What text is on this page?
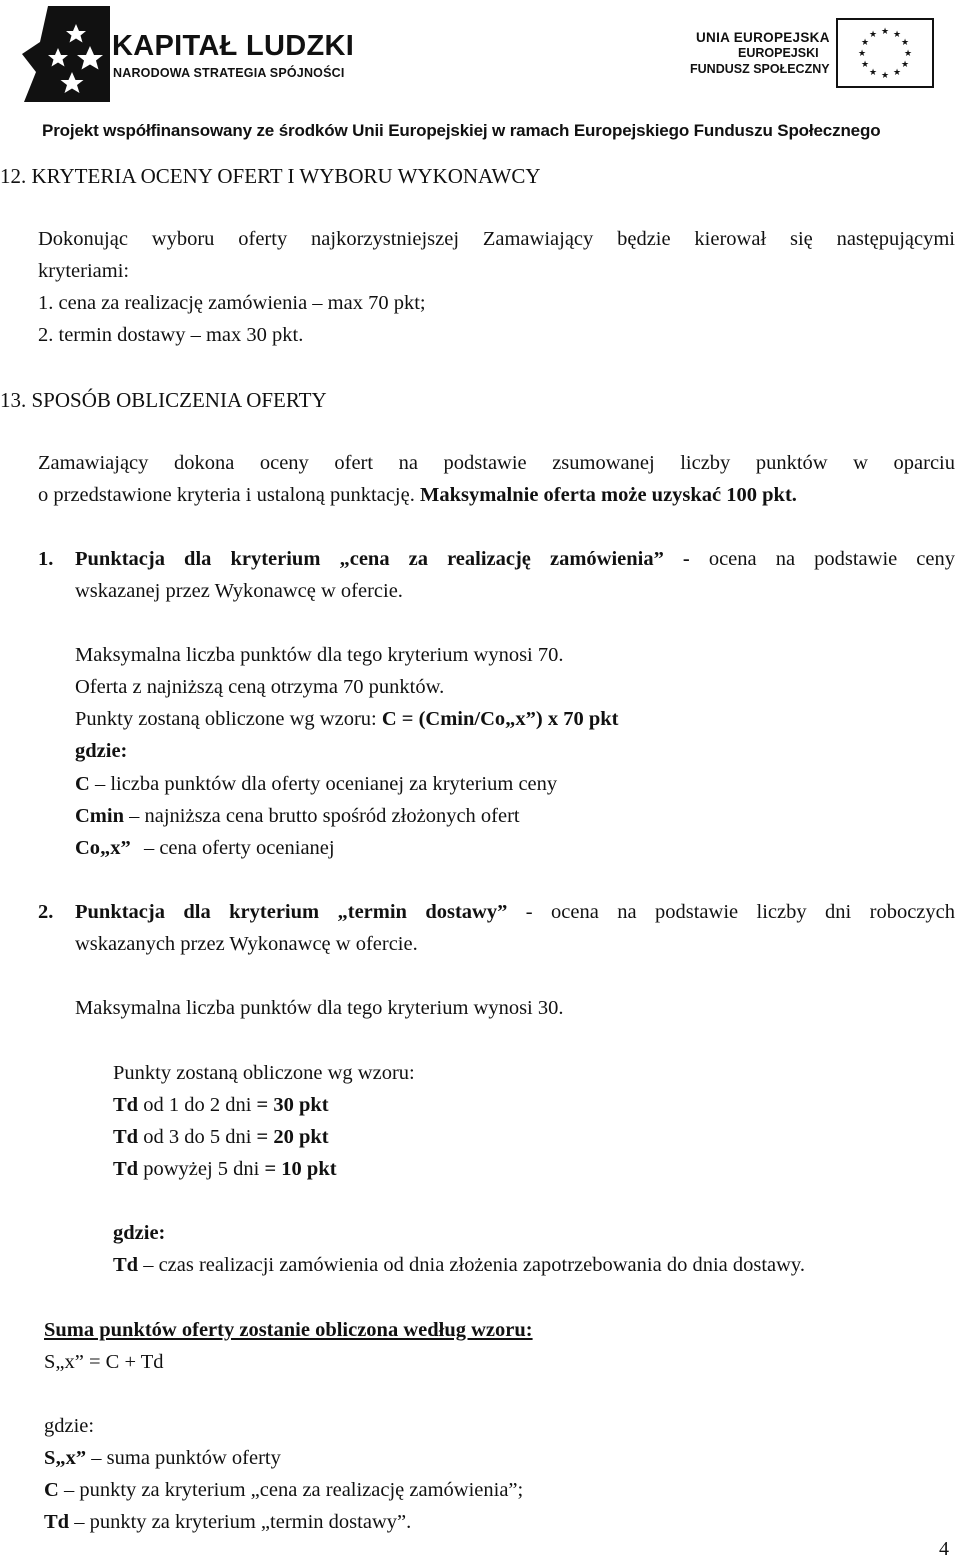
KAPITAŁ LUDZKI
NARODOWA STRATEGIA SPÓJNOŚCI
UNIA EUROPEJSKA
EUROPEJSKI
FUNDUSZ SPOŁECZNY
★ ★
★
★
★
★
★
★
★
★
★
★
Projekt współfinansowany ze środków Unii Europejskiej w ramach Europejskiego Funduszu Społecznego
12. KRYTERIA OCENY OFERT I WYBORU WYKONAWCY
Dokonując wyboru oferty najkorzystniejszej Zamawiający będzie kierował się następującymi
kryteriami:
1. cena za realizację zamówienia – max 70 pkt;
2. termin dostawy – max 30 pkt.
13. SPOSÓB OBLICZENIA OFERTY
Zamawiający dokona oceny ofert na podstawie zsumowanej liczby punktów w oparciu
o przedstawione kryteria i ustaloną punktację. Maksymalnie oferta może uzyskać 100 pkt.
1. Punktacja dla kryterium „cena za realizację zamówienia” - ocena na podstawie ceny
wskazanej przez Wykonawcę w ofercie.
Maksymalna liczba punktów dla tego kryterium wynosi 70.
Oferta z najniższą ceną otrzyma 70 punktów.
Punkty zostaną obliczone wg wzoru: C = (Cmin/Co„x”) x 70 pkt
gdzie:
C – liczba punktów dla oferty ocenianej za kryterium ceny
Cmin – najniższa cena brutto spośród złożonych ofert
Co„x” – cena oferty ocenianej
2. Punktacja dla kryterium „termin dostawy” - ocena na podstawie liczby dni roboczych
wskazanych przez Wykonawcę w ofercie.
Maksymalna liczba punktów dla tego kryterium wynosi 30.
Punkty zostaną obliczone wg wzoru:
Td od 1 do 2 dni = 30 pkt
Td od 3 do 5 dni = 20 pkt
Td powyżej 5 dni = 10 pkt
gdzie:
Td – czas realizacji zamówienia od dnia złożenia zapotrzebowania do dnia dostawy.
Suma punktów oferty zostanie obliczona według wzoru:
S„x” = C + Td
gdzie:
S„x” – suma punktów oferty
C – punkty za kryterium „cena za realizację zamówienia”;
Td – punkty za kryterium „termin dostawy”.
4
